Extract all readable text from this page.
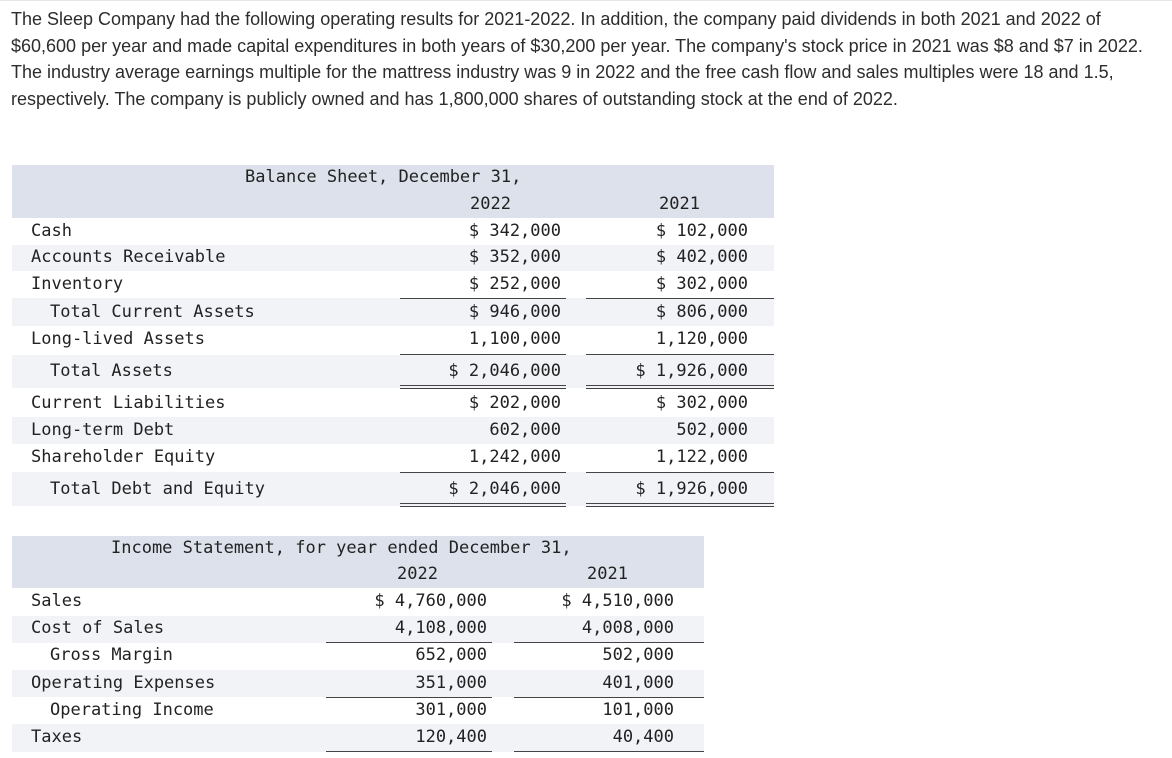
The Sleep Company had the following operating results for 2021-2022. In addition, the company paid dividends in both 2021 and 2022 of $60,600 per year and made capital expenditures in both years of $30,200 per year. The company's stock price in 2021 was $8 and $7 in 2022. The industry average earnings multiple for the mattress industry was 9 in 2022 and the free cash flow and sales multiples were 18 and 1.5, respectively. The company is publicly owned and has 1,800,000 shares of outstanding stock at the end of 2022.

Balance Sheet, December 31,
2022	2021
Cash	$ 342,000	$ 102,000
Accounts Receivable	$ 352,000	$ 402,000
Inventory	$ 252,000	$ 302,000
Total Current Assets	$ 946,000	$ 806,000
Long-lived Assets	1,100,000	1,120,000
Total Assets	$ 2,046,000	$ 1,926,000
Current Liabilities	$ 202,000	$ 302,000
Long-term Debt	602,000	502,000
Shareholder Equity	1,242,000	1,122,000
Total Debt and Equity	$ 2,046,000	$ 1,926,000
Income Statement, for year ended December 31,
2022	2021
Sales	$ 4,760,000	$ 4,510,000
Cost of Sales	4,108,000	4,008,000
Gross Margin	652,000	502,000
Operating Expenses	351,000	401,000
Operating Income	301,000	101,000
Taxes	120,400	40,400
